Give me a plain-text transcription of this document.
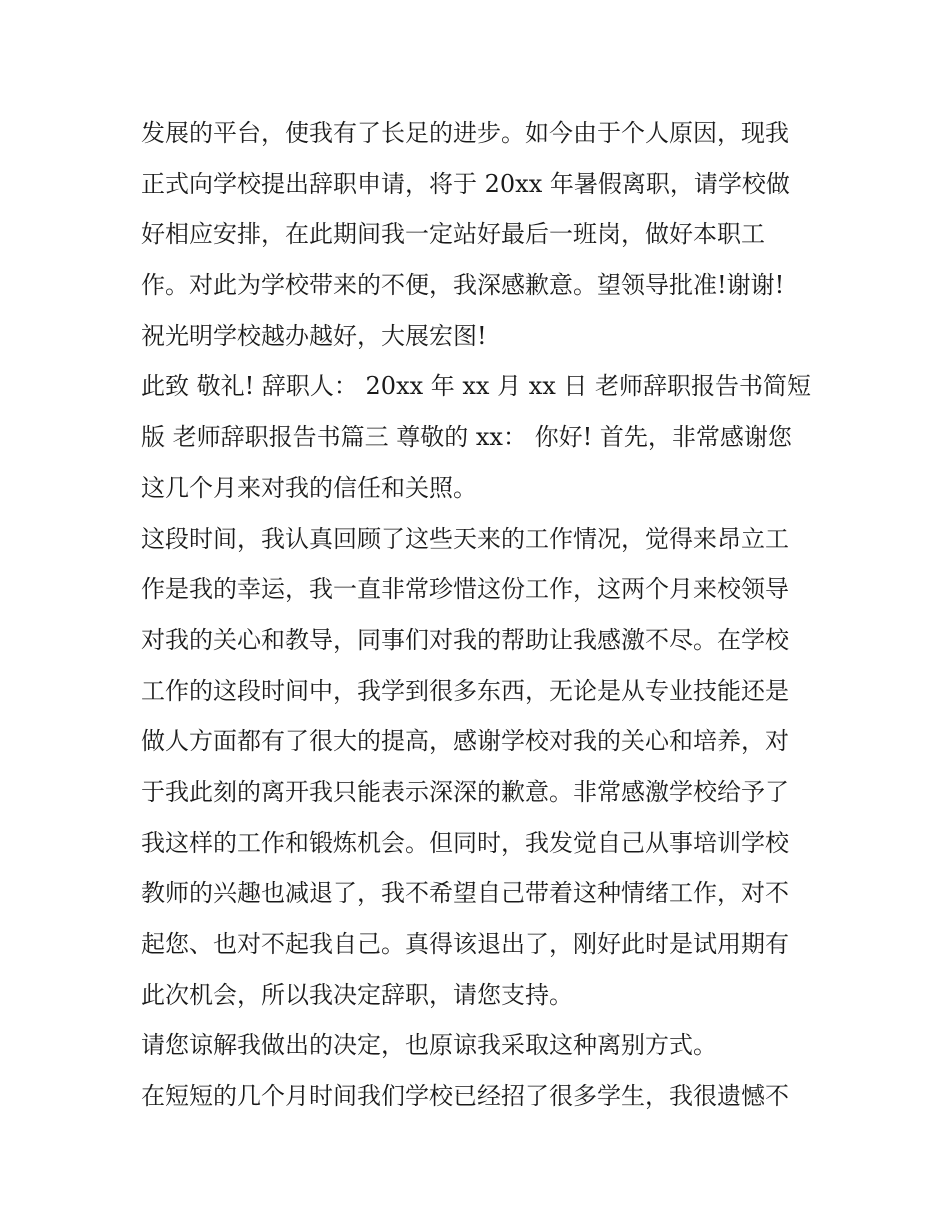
发展的平台，使我有了长足的进步。如今由于个人原因，现我
正式向学校提出辞职申请，将于 20xx 年暑假离职，请学校做
好相应安排，在此期间我一定站好最后一班岗，做好本职工
作。对此为学校带来的不便，我深感歉意。望领导批准!谢谢!
祝光明学校越办越好，大展宏图!
此致 敬礼! 辞职人： 20xx 年 xx 月 xx 日 老师辞职报告书简短
版 老师辞职报告书篇三 尊敬的 xx： 你好! 首先，非常感谢您
这几个月来对我的信任和关照。
这段时间，我认真回顾了这些天来的工作情况，觉得来昂立工
作是我的幸运，我一直非常珍惜这份工作，这两个月来校领导
对我的关心和教导，同事们对我的帮助让我感激不尽。在学校
工作的这段时间中，我学到很多东西，无论是从专业技能还是
做人方面都有了很大的提高，感谢学校对我的关心和培养，对
于我此刻的离开我只能表示深深的歉意。非常感激学校给予了
我这样的工作和锻炼机会。但同时，我发觉自己从事培训学校
教师的兴趣也减退了，我不希望自己带着这种情绪工作，对不
起您、也对不起我自己。真得该退出了，刚好此时是试用期有
此次机会，所以我决定辞职，请您支持。
请您谅解我做出的决定，也原谅我采取这种离别方式。
在短短的几个月时间我们学校已经招了很多学生，我很遗憾不
